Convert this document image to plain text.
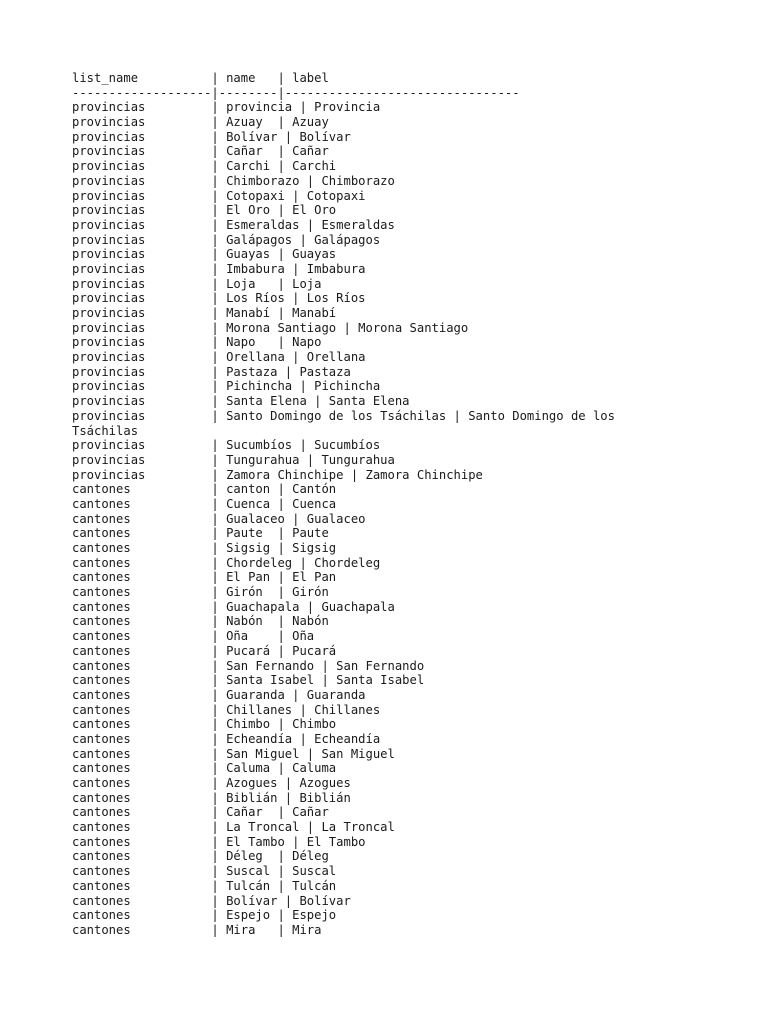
list_name          | name   | label
-------------------|--------|--------------------------------
provincias         | provincia | Provincia
provincias         | Azuay  | Azuay
provincias         | Bolívar | Bolívar
provincias         | Cañar  | Cañar
provincias         | Carchi | Carchi
provincias         | Chimborazo | Chimborazo
provincias         | Cotopaxi | Cotopaxi
provincias         | El Oro | El Oro
provincias         | Esmeraldas | Esmeraldas
provincias         | Galápagos | Galápagos
provincias         | Guayas | Guayas
provincias         | Imbabura | Imbabura
provincias         | Loja   | Loja
provincias         | Los Ríos | Los Ríos
provincias         | Manabí | Manabí
provincias         | Morona Santiago | Morona Santiago
provincias         | Napo   | Napo
provincias         | Orellana | Orellana
provincias         | Pastaza | Pastaza
provincias         | Pichincha | Pichincha
provincias         | Santa Elena | Santa Elena
provincias         | Santo Domingo de los Tsáchilas | Santo Domingo de los
Tsáchilas
provincias         | Sucumbíos | Sucumbíos
provincias         | Tungurahua | Tungurahua
provincias         | Zamora Chinchipe | Zamora Chinchipe
cantones           | canton | Cantón
cantones           | Cuenca | Cuenca
cantones           | Gualaceo | Gualaceo
cantones           | Paute  | Paute
cantones           | Sigsig | Sigsig
cantones           | Chordeleg | Chordeleg
cantones           | El Pan | El Pan
cantones           | Girón  | Girón
cantones           | Guachapala | Guachapala
cantones           | Nabón  | Nabón
cantones           | Oña    | Oña
cantones           | Pucará | Pucará
cantones           | San Fernando | San Fernando
cantones           | Santa Isabel | Santa Isabel
cantones           | Guaranda | Guaranda
cantones           | Chillanes | Chillanes
cantones           | Chimbo | Chimbo
cantones           | Echeandía | Echeandía
cantones           | San Miguel | San Miguel
cantones           | Caluma | Caluma
cantones           | Azogues | Azogues
cantones           | Biblián | Biblián
cantones           | Cañar  | Cañar
cantones           | La Troncal | La Troncal
cantones           | El Tambo | El Tambo
cantones           | Déleg  | Déleg
cantones           | Suscal | Suscal
cantones           | Tulcán | Tulcán
cantones           | Bolívar | Bolívar
cantones           | Espejo | Espejo
cantones           | Mira   | Mira
